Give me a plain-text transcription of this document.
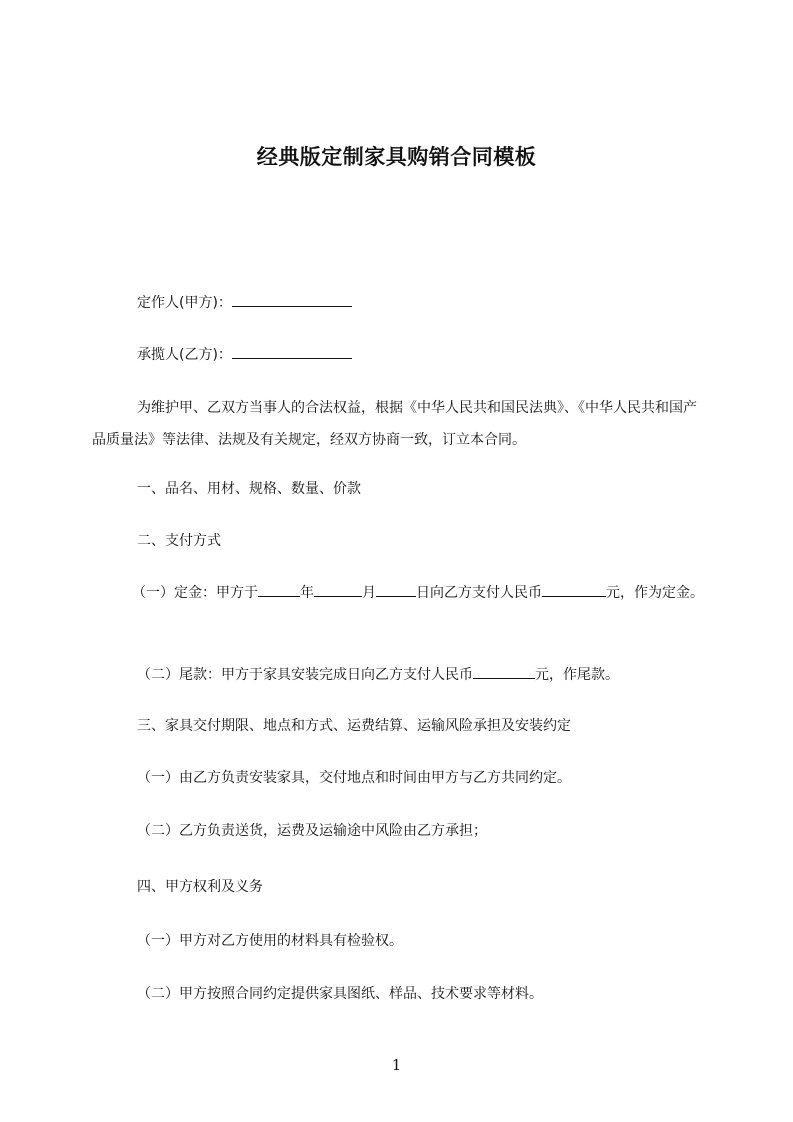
经典版定制家具购销合同模板
定作人(甲方)：
承揽人(乙方)：
为维护甲、乙双方当事人的合法权益，根据《中华人民共和国民法典》、《中华人民共和国产品质量法》等法律、法规及有关规定，经双方协商一致，订立本合同。
一、品名、用材、规格、数量、价款
二、支付方式
（一）定金：甲方于	年	月	日向乙方支付人民币	元，作为定金。
（二）尾款：甲方于家具安装完成日向乙方支付人民币	元，作尾款。
三、家具交付期限、地点和方式、运费结算、运输风险承担及安装约定
（一）由乙方负责安装家具，交付地点和时间由甲方与乙方共同约定。
（二）乙方负责送货，运费及运输途中风险由乙方承担；
四、甲方权利及义务
（一）甲方对乙方使用的材料具有检验权。
（二）甲方按照合同约定提供家具图纸、样品、技术要求等材料。
1
